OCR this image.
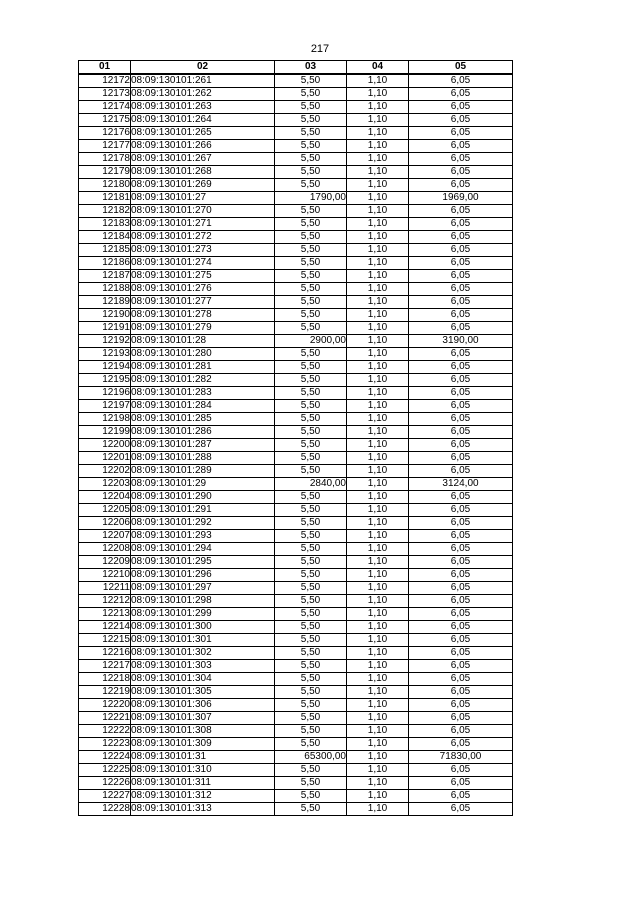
217
01	02	03	04	05
12172	08:09:130101:261	5,50	1,10	6,05
12173	08:09:130101:262	5,50	1,10	6,05
12174	08:09:130101:263	5,50	1,10	6,05
12175	08:09:130101:264	5,50	1,10	6,05
12176	08:09:130101:265	5,50	1,10	6,05
12177	08:09:130101:266	5,50	1,10	6,05
12178	08:09:130101:267	5,50	1,10	6,05
12179	08:09:130101:268	5,50	1,10	6,05
12180	08:09:130101:269	5,50	1,10	6,05
12181	08:09:130101:27	1790,00	1,10	1969,00
12182	08:09:130101:270	5,50	1,10	6,05
12183	08:09:130101:271	5,50	1,10	6,05
12184	08:09:130101:272	5,50	1,10	6,05
12185	08:09:130101:273	5,50	1,10	6,05
12186	08:09:130101:274	5,50	1,10	6,05
12187	08:09:130101:275	5,50	1,10	6,05
12188	08:09:130101:276	5,50	1,10	6,05
12189	08:09:130101:277	5,50	1,10	6,05
12190	08:09:130101:278	5,50	1,10	6,05
12191	08:09:130101:279	5,50	1,10	6,05
12192	08:09:130101:28	2900,00	1,10	3190,00
12193	08:09:130101:280	5,50	1,10	6,05
12194	08:09:130101:281	5,50	1,10	6,05
12195	08:09:130101:282	5,50	1,10	6,05
12196	08:09:130101:283	5,50	1,10	6,05
12197	08:09:130101:284	5,50	1,10	6,05
12198	08:09:130101:285	5,50	1,10	6,05
12199	08:09:130101:286	5,50	1,10	6,05
12200	08:09:130101:287	5,50	1,10	6,05
12201	08:09:130101:288	5,50	1,10	6,05
12202	08:09:130101:289	5,50	1,10	6,05
12203	08:09:130101:29	2840,00	1,10	3124,00
12204	08:09:130101:290	5,50	1,10	6,05
12205	08:09:130101:291	5,50	1,10	6,05
12206	08:09:130101:292	5,50	1,10	6,05
12207	08:09:130101:293	5,50	1,10	6,05
12208	08:09:130101:294	5,50	1,10	6,05
12209	08:09:130101:295	5,50	1,10	6,05
12210	08:09:130101:296	5,50	1,10	6,05
12211	08:09:130101:297	5,50	1,10	6,05
12212	08:09:130101:298	5,50	1,10	6,05
12213	08:09:130101:299	5,50	1,10	6,05
12214	08:09:130101:300	5,50	1,10	6,05
12215	08:09:130101:301	5,50	1,10	6,05
12216	08:09:130101:302	5,50	1,10	6,05
12217	08:09:130101:303	5,50	1,10	6,05
12218	08:09:130101:304	5,50	1,10	6,05
12219	08:09:130101:305	5,50	1,10	6,05
12220	08:09:130101:306	5,50	1,10	6,05
12221	08:09:130101:307	5,50	1,10	6,05
12222	08:09:130101:308	5,50	1,10	6,05
12223	08:09:130101:309	5,50	1,10	6,05
12224	08:09:130101:31	65300,00	1,10	71830,00
12225	08:09:130101:310	5,50	1,10	6,05
12226	08:09:130101:311	5,50	1,10	6,05
12227	08:09:130101:312	5,50	1,10	6,05
12228	08:09:130101:313	5,50	1,10	6,05
